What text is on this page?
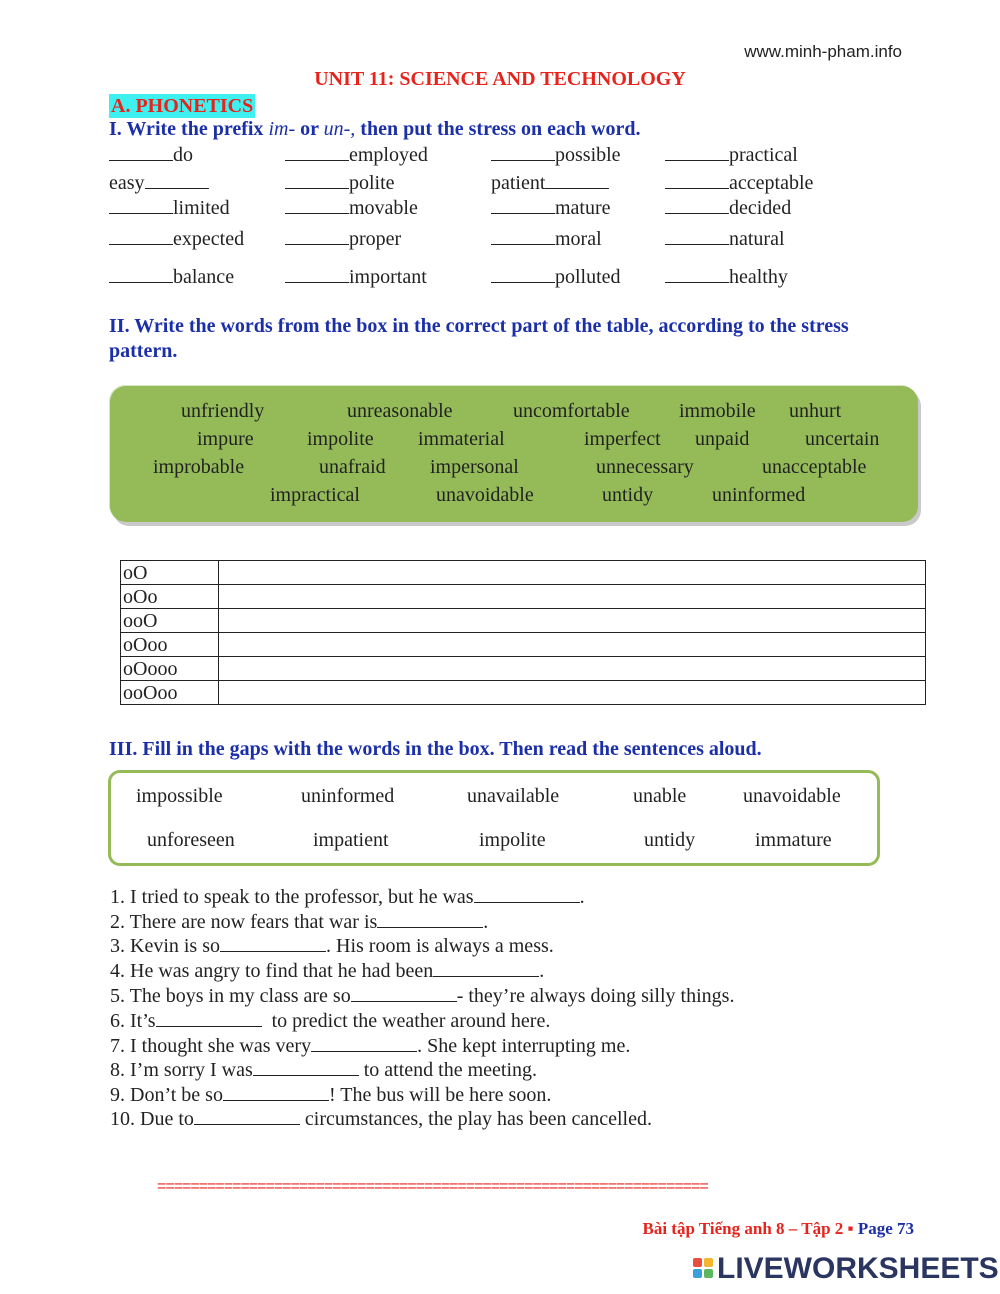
www.minh-pham.info
UNIT 11: SCIENCE AND TECHNOLOGY
A. PHONETICS
I. Write the prefix im- or un-, then put the stress on each word.
do	employed	possible	practical
easy	polite	patient	acceptable
limited	movable	mature	decided
expected	proper	moral	natural
balance	important	polluted	healthy
II. Write the words from the box in the correct part of the table, according to the stress
pattern.
unfriendly	unreasonable	uncomfortable immobile unhurt
impure	impolite immaterial	imperfect unpaid	uncertain
improbable	unafraid impersonal	unnecessary	unacceptable
impractical	unavoidable	untidy	uninformed
oO	
oOo	
ooO	
oOoo	
oOooo	
ooOoo	
III. Fill in the gaps with the words in the box. Then read the sentences aloud.
impossible	uninformed	unavailable	unable	unavoidable
unforeseen	impatient	impolite	untidy	immature
1. I tried to speak to the professor, but he was	.
2. There are now fears that war is	.
3. Kevin is so	. His room is always a mess.
4. He was angry to find that he had been	.
5. The boys in my class are so	- they’re always doing silly things.
6. It’s	to predict the weather around here.
7. I thought she was very	. She kept interrupting me.
8. I’m sorry I was	to attend the meeting.
9. Don’t be so	! The bus will be here soon.
10. Due to	circumstances, the play has been cancelled.
==================================================================
Bài tập Tiếng anh 8 – Tập 2 ▪ Page 73
LIVEWORKSHEETS
